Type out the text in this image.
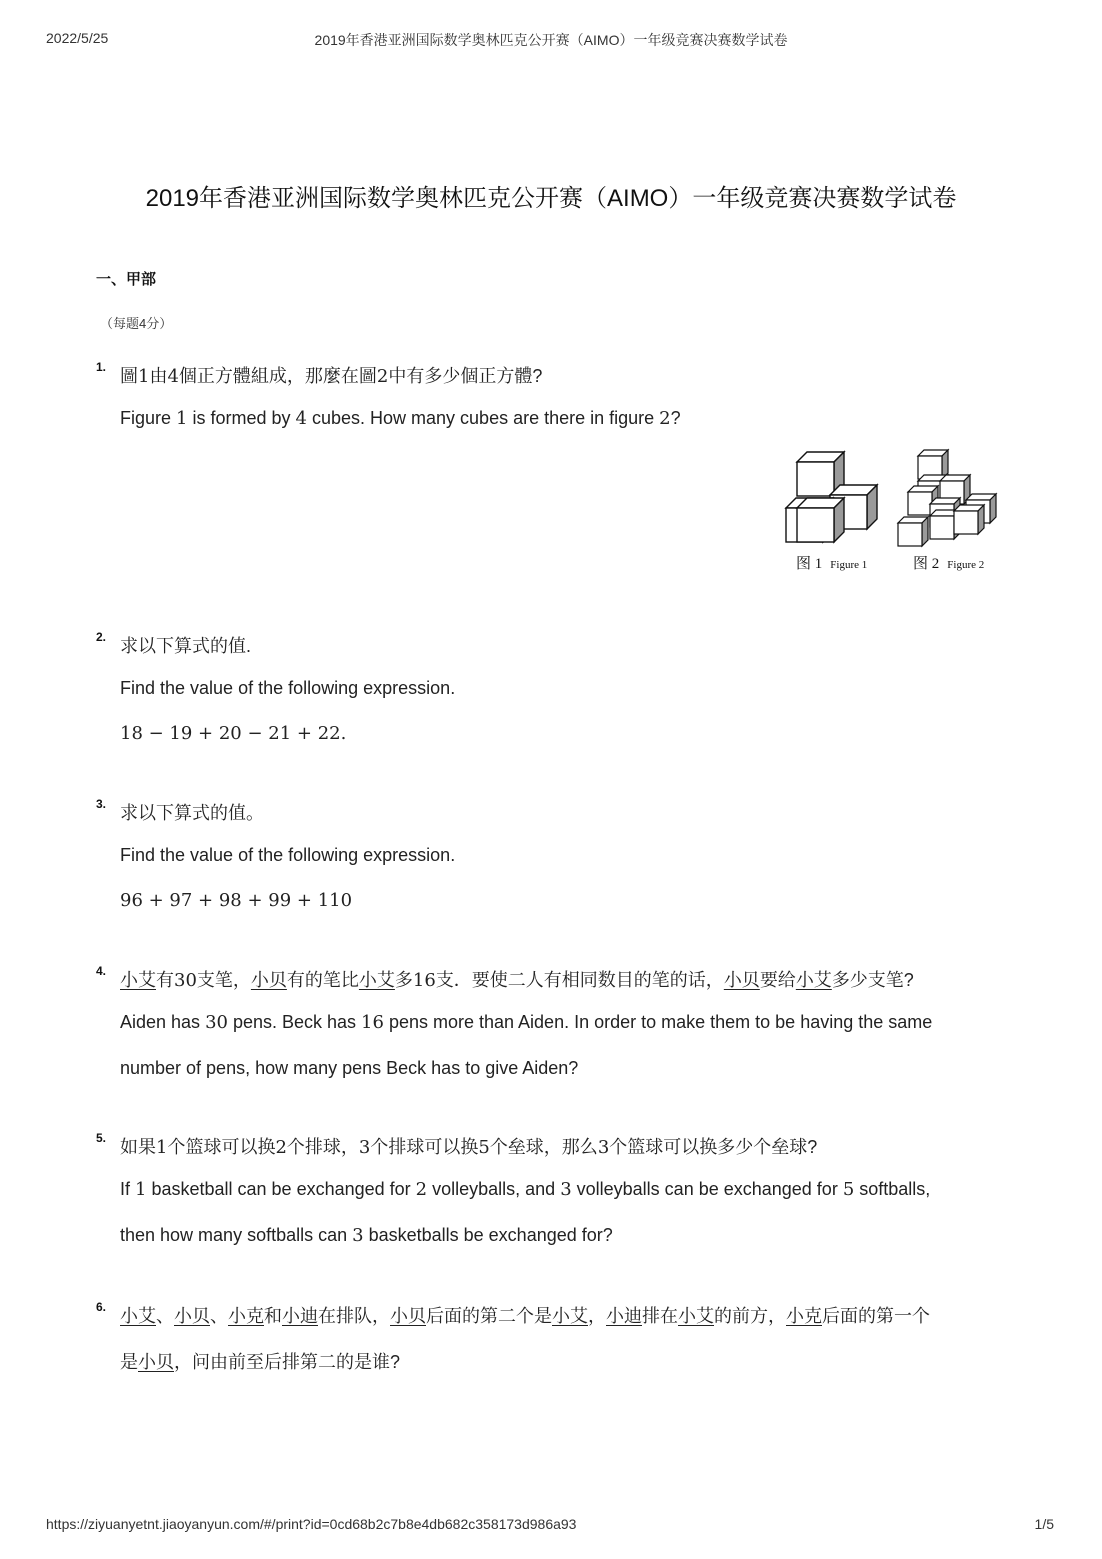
2022/5/25	2019年香港亚洲国际数学奥林匹克公开赛（AIMO）一年级竞赛决赛数学试卷
2019年香港亚洲国际数学奥林匹克公开赛（AIMO）一年级竞赛决赛数学试卷
一、甲部
（每题4分）
1. 圖1由4個正方體組成，那麼在圖2中有多少個正方體?
Figure 1 is formed by 4 cubes. How many cubes are there in figure 2?
图 1 Figure 1	图 2 Figure 2
2. 求以下算式的值.
Find the value of the following expression.
18 − 19 + 20 − 21 + 22.
3. 求以下算式的值。
Find the value of the following expression.
96 + 97 + 98 + 99 + 110
4. 小艾有30支笔，小贝有的笔比小艾多16支．要使二人有相同数目的笔的话，小贝要给小艾多少支笔?
Aiden has 30 pens. Beck has 16 pens more than Aiden. In order to make them to be having the same
number of pens, how many pens Beck has to give Aiden?
5. 如果1个篮球可以换2个排球，3个排球可以换5个垒球，那么3个篮球可以换多少个垒球?
If 1 basketball can be exchanged for 2 volleyballs, and 3 volleyballs can be exchanged for 5 softballs,
then how many softballs can 3 basketballs be exchanged for?
6. 小艾、小贝、小克和小迪在排队，小贝后面的第二个是小艾，小迪排在小艾的前方，小克后面的第一个
是小贝，问由前至后排第二的是谁?
https://ziyuanyetnt.jiaoyanyun.com/#/print?id=0cd68b2c7b8e4db682c358173d986a93	1/5
